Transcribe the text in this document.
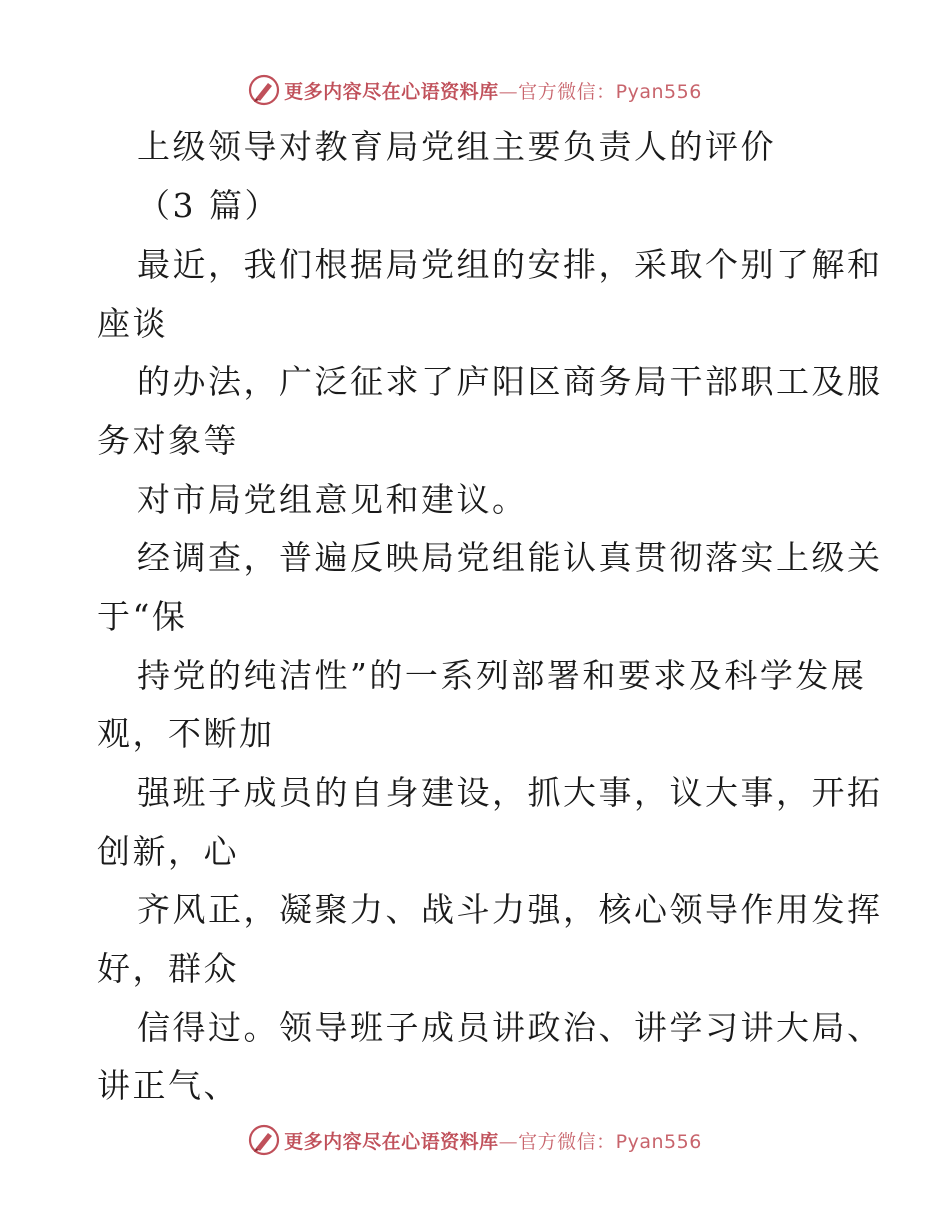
更多内容尽在心语资料库—官方微信：Pyan556
上级领导对教育局党组主要负责人的评价
（3 篇）
最近，我们根据局党组的安排，采取个别了解和
座谈
的办法，广泛征求了庐阳区商务局干部职工及服
务对象等
对市局党组意见和建议。
经调查，普遍反映局党组能认真贯彻落实上级关
于“保
持党的纯洁性”的一系列部署和要求及科学发展
观，不断加
强班子成员的自身建设，抓大事，议大事，开拓
创新，心
齐风正，凝聚力、战斗力强，核心领导作用发挥
好，群众
信得过。领导班子成员讲政治、讲学习讲大局、
讲正气、
更多内容尽在心语资料库—官方微信：Pyan556
